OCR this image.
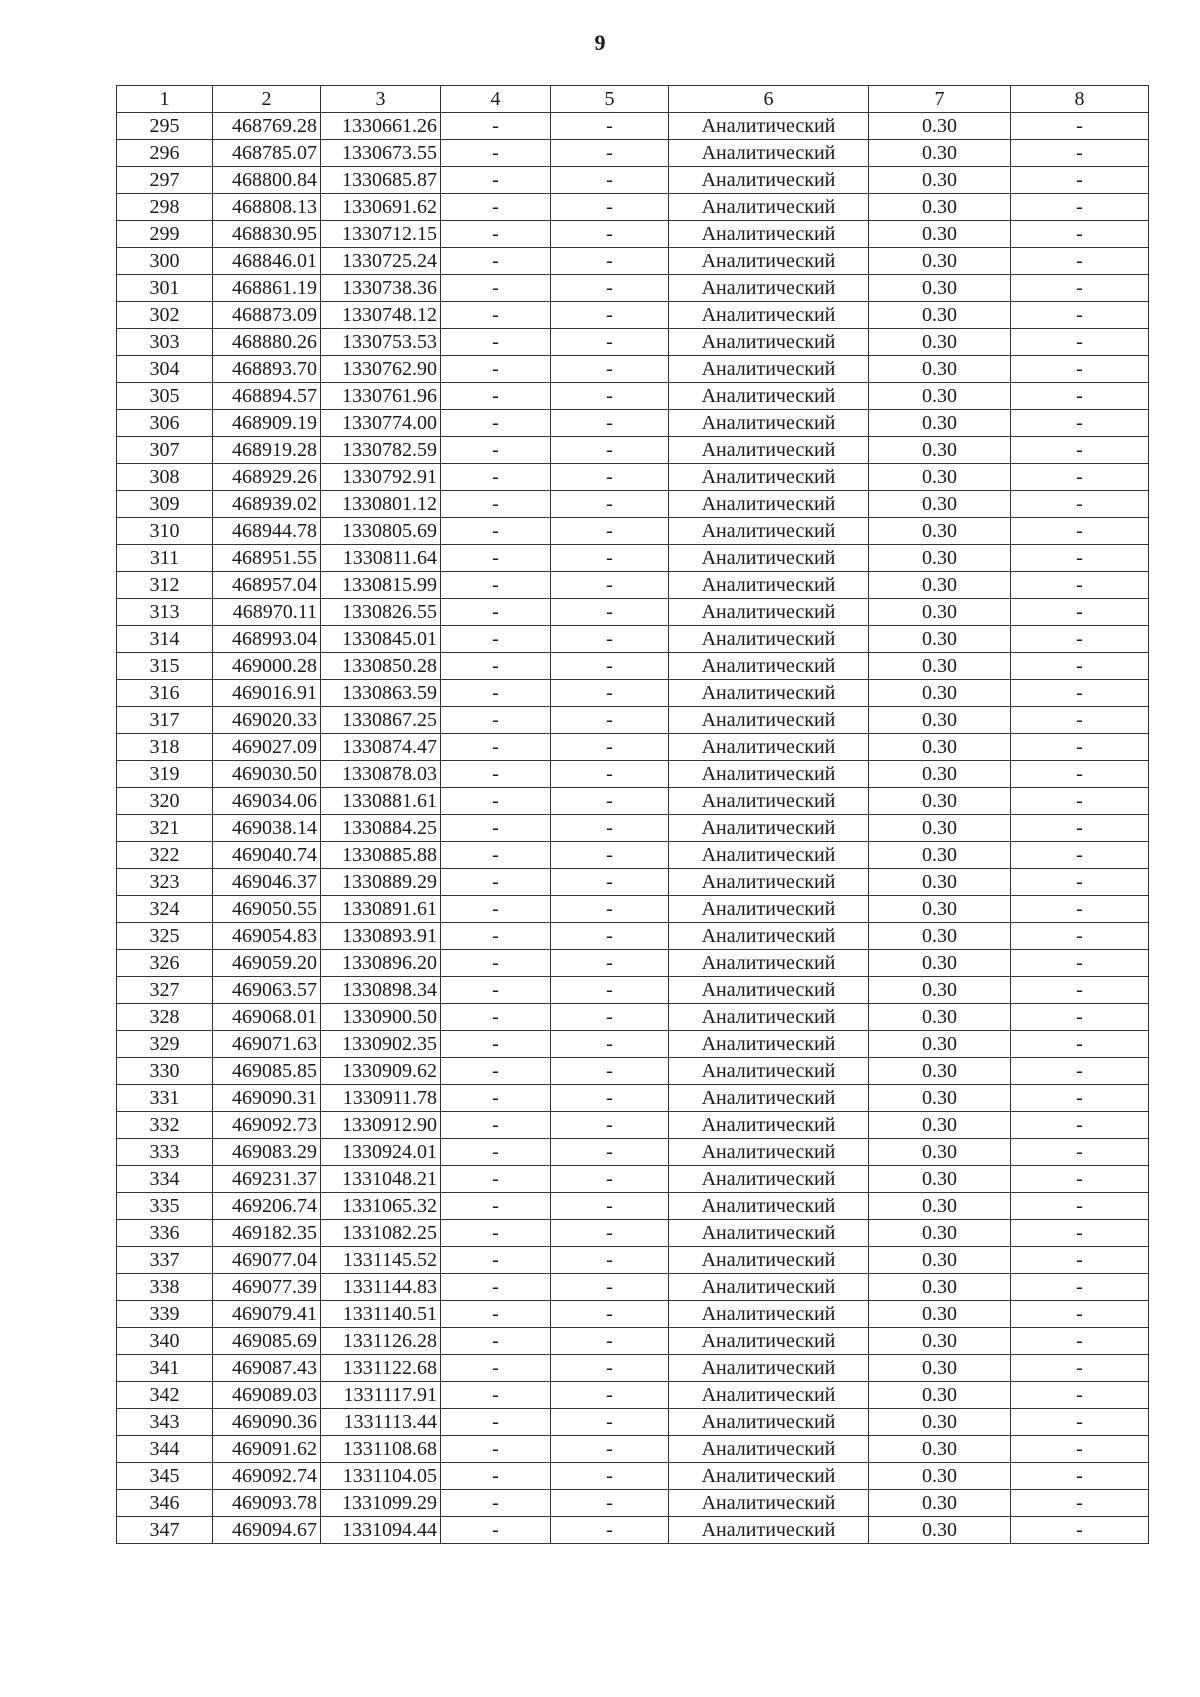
9
1	2	3	4	5	6	7	8
295	468769.28	1330661.26	-	-	Аналитический	0.30	-
296	468785.07	1330673.55	-	-	Аналитический	0.30	-
297	468800.84	1330685.87	-	-	Аналитический	0.30	-
298	468808.13	1330691.62	-	-	Аналитический	0.30	-
299	468830.95	1330712.15	-	-	Аналитический	0.30	-
300	468846.01	1330725.24	-	-	Аналитический	0.30	-
301	468861.19	1330738.36	-	-	Аналитический	0.30	-
302	468873.09	1330748.12	-	-	Аналитический	0.30	-
303	468880.26	1330753.53	-	-	Аналитический	0.30	-
304	468893.70	1330762.90	-	-	Аналитический	0.30	-
305	468894.57	1330761.96	-	-	Аналитический	0.30	-
306	468909.19	1330774.00	-	-	Аналитический	0.30	-
307	468919.28	1330782.59	-	-	Аналитический	0.30	-
308	468929.26	1330792.91	-	-	Аналитический	0.30	-
309	468939.02	1330801.12	-	-	Аналитический	0.30	-
310	468944.78	1330805.69	-	-	Аналитический	0.30	-
311	468951.55	1330811.64	-	-	Аналитический	0.30	-
312	468957.04	1330815.99	-	-	Аналитический	0.30	-
313	468970.11	1330826.55	-	-	Аналитический	0.30	-
314	468993.04	1330845.01	-	-	Аналитический	0.30	-
315	469000.28	1330850.28	-	-	Аналитический	0.30	-
316	469016.91	1330863.59	-	-	Аналитический	0.30	-
317	469020.33	1330867.25	-	-	Аналитический	0.30	-
318	469027.09	1330874.47	-	-	Аналитический	0.30	-
319	469030.50	1330878.03	-	-	Аналитический	0.30	-
320	469034.06	1330881.61	-	-	Аналитический	0.30	-
321	469038.14	1330884.25	-	-	Аналитический	0.30	-
322	469040.74	1330885.88	-	-	Аналитический	0.30	-
323	469046.37	1330889.29	-	-	Аналитический	0.30	-
324	469050.55	1330891.61	-	-	Аналитический	0.30	-
325	469054.83	1330893.91	-	-	Аналитический	0.30	-
326	469059.20	1330896.20	-	-	Аналитический	0.30	-
327	469063.57	1330898.34	-	-	Аналитический	0.30	-
328	469068.01	1330900.50	-	-	Аналитический	0.30	-
329	469071.63	1330902.35	-	-	Аналитический	0.30	-
330	469085.85	1330909.62	-	-	Аналитический	0.30	-
331	469090.31	1330911.78	-	-	Аналитический	0.30	-
332	469092.73	1330912.90	-	-	Аналитический	0.30	-
333	469083.29	1330924.01	-	-	Аналитический	0.30	-
334	469231.37	1331048.21	-	-	Аналитический	0.30	-
335	469206.74	1331065.32	-	-	Аналитический	0.30	-
336	469182.35	1331082.25	-	-	Аналитический	0.30	-
337	469077.04	1331145.52	-	-	Аналитический	0.30	-
338	469077.39	1331144.83	-	-	Аналитический	0.30	-
339	469079.41	1331140.51	-	-	Аналитический	0.30	-
340	469085.69	1331126.28	-	-	Аналитический	0.30	-
341	469087.43	1331122.68	-	-	Аналитический	0.30	-
342	469089.03	1331117.91	-	-	Аналитический	0.30	-
343	469090.36	1331113.44	-	-	Аналитический	0.30	-
344	469091.62	1331108.68	-	-	Аналитический	0.30	-
345	469092.74	1331104.05	-	-	Аналитический	0.30	-
346	469093.78	1331099.29	-	-	Аналитический	0.30	-
347	469094.67	1331094.44	-	-	Аналитический	0.30	-
